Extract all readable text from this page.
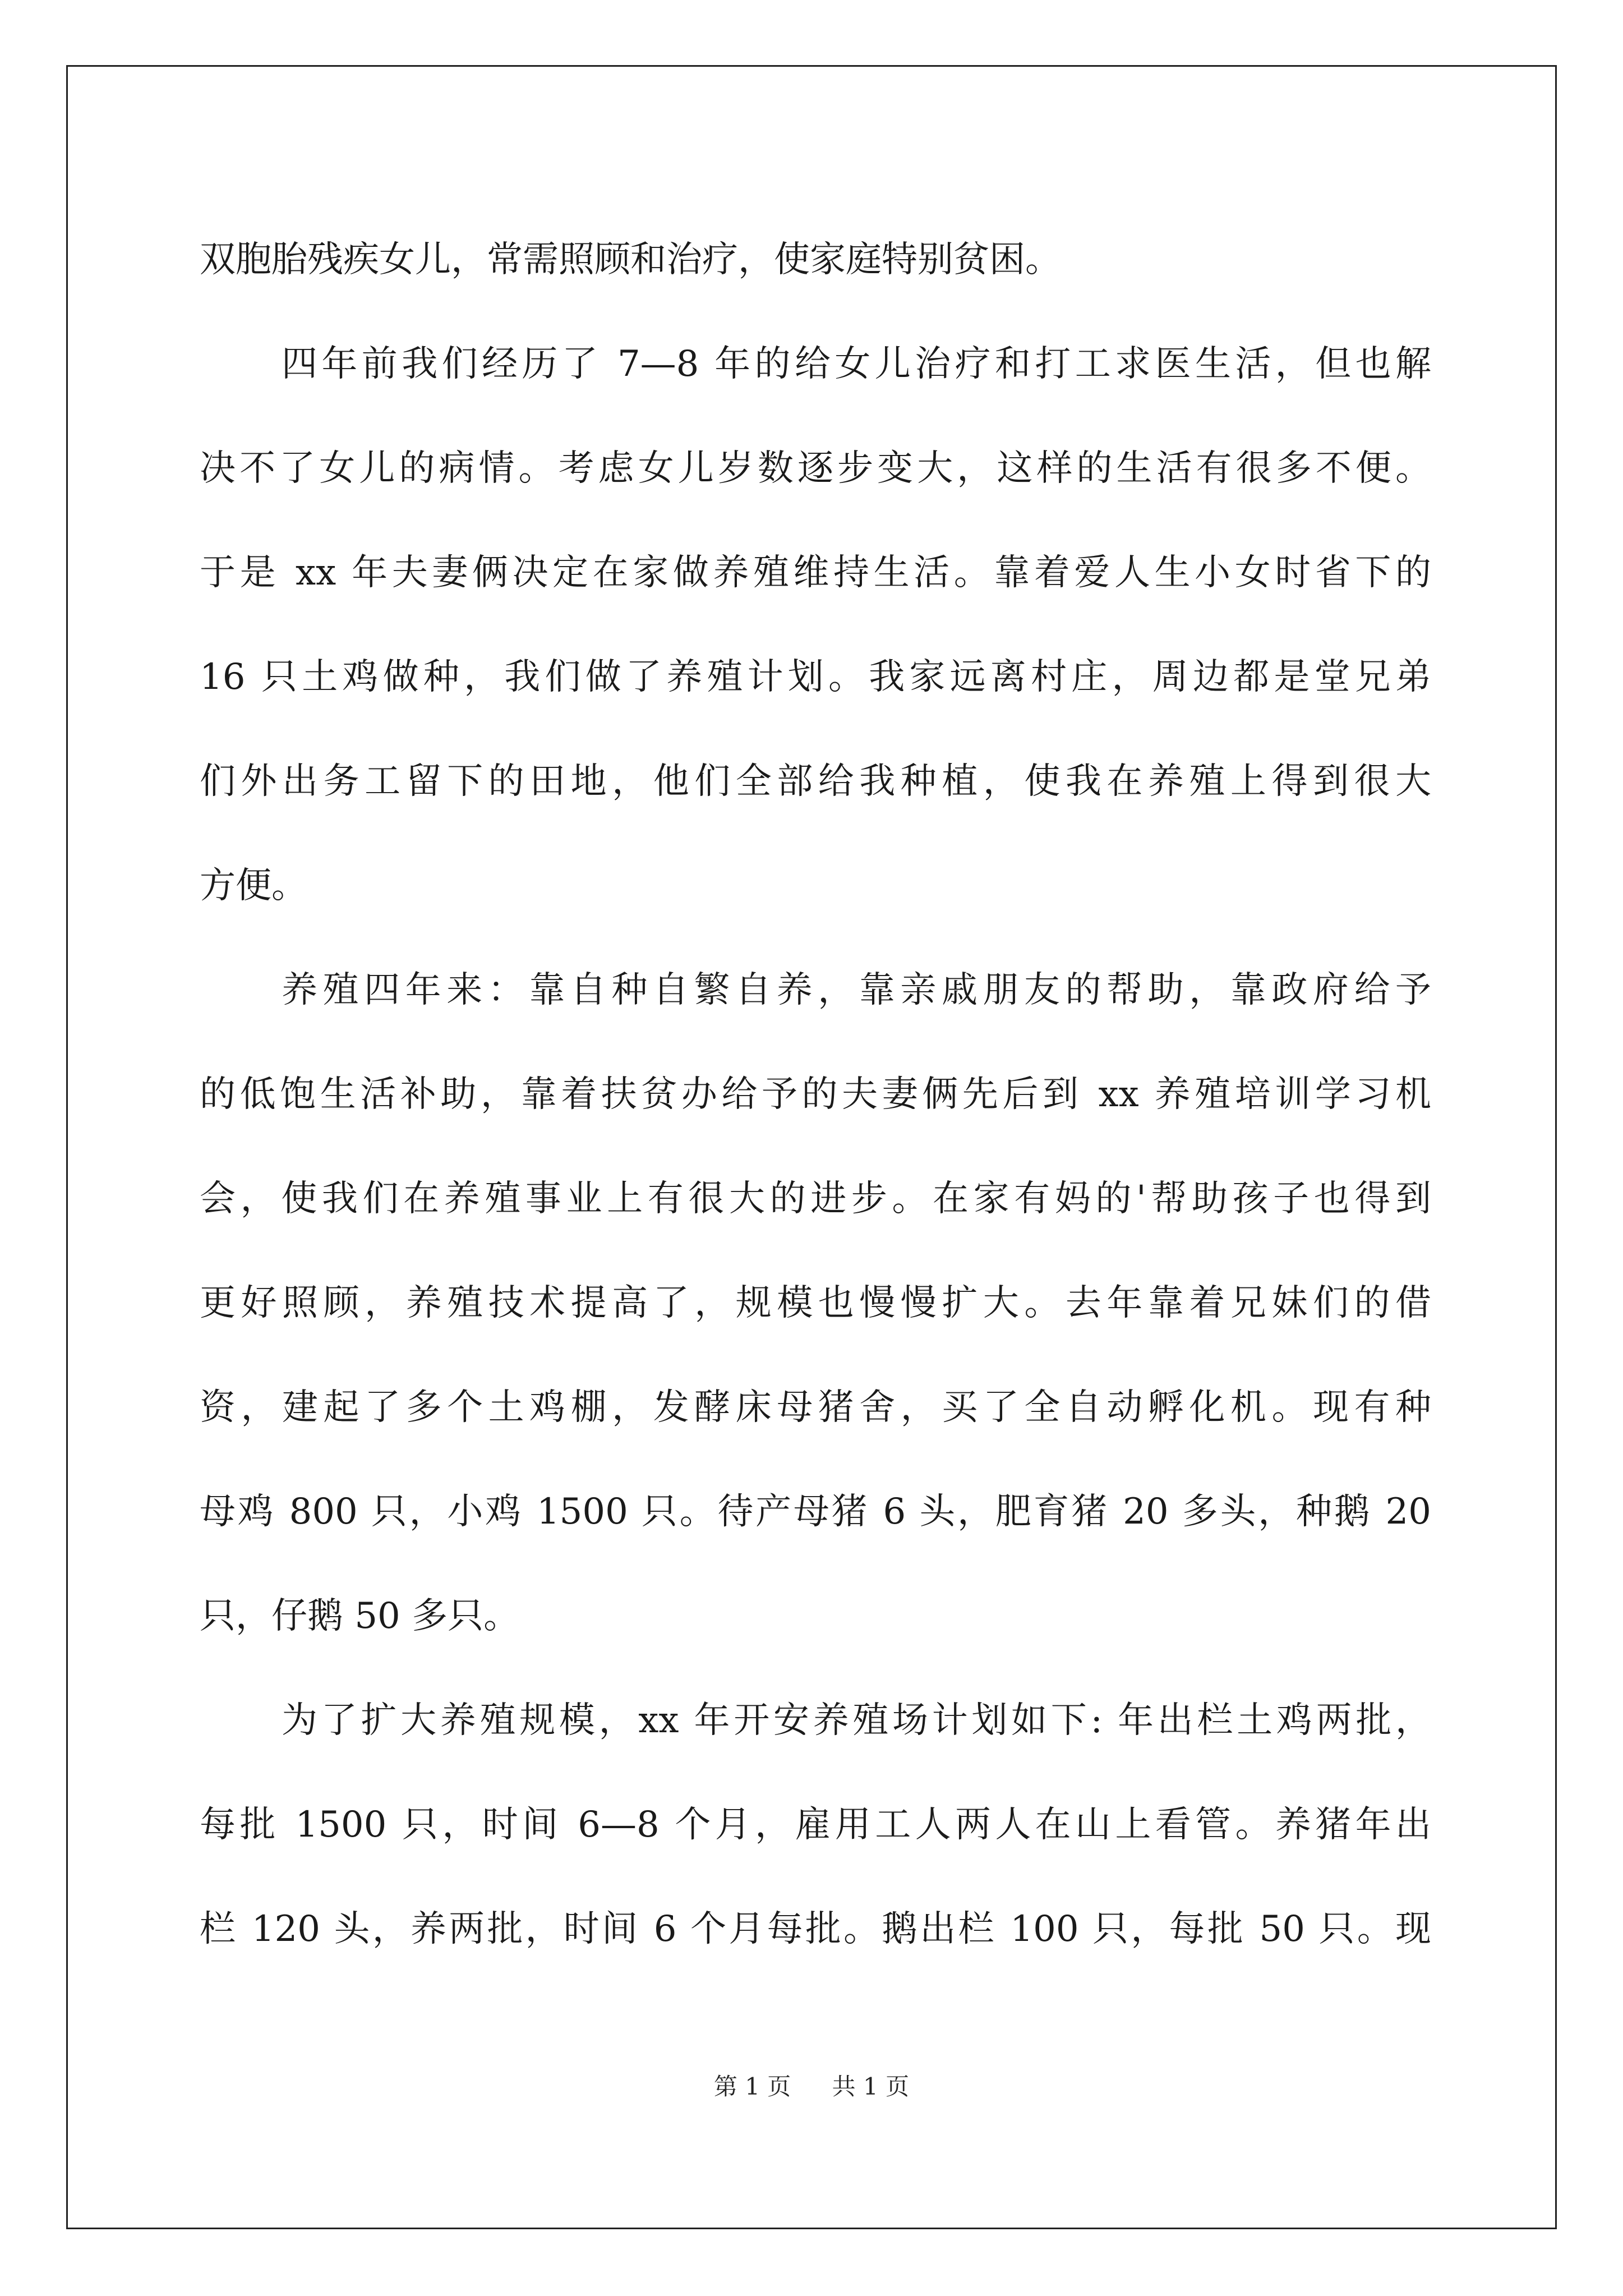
双胞胎残疾女儿，常需照顾和治疗，使家庭特别贫困。
四年前我们经历了 7—8 年的给女儿治疗和打工求医生活，但也解
决不了女儿的病情。考虑女儿岁数逐步变大，这样的生活有很多不便。
于是 xx 年夫妻俩决定在家做养殖维持生活。靠着爱人生小女时省下的
16 只土鸡做种，我们做了养殖计划。我家远离村庄，周边都是堂兄弟
们外出务工留下的田地，他们全部给我种植，使我在养殖上得到很大
方便。
养殖四年来：靠自种自繁自养，靠亲戚朋友的帮助，靠政府给予
的低饱生活补助，靠着扶贫办给予的夫妻俩先后到 xx 养殖培训学习机
会，使我们在养殖事业上有很大的进步。在家有妈的'帮助孩子也得到
更好照顾，养殖技术提高了，规模也慢慢扩大。去年靠着兄妹们的借
资，建起了多个土鸡棚，发酵床母猪舍，买了全自动孵化机。现有种
母鸡 800 只，小鸡 1500 只。待产母猪 6 头，肥育猪 20 多头，种鹅 20
只，仔鹅 50 多只。
为了扩大养殖规模，xx 年开安养殖场计划如下: 年出栏土鸡两批，
每批 1500 只，时间 6—8 个月，雇用工人两人在山上看管。养猪年出
栏 120 头，养两批，时间 6 个月每批。鹅出栏 100 只，每批 50 只。现
第 1 页 共 1 页
